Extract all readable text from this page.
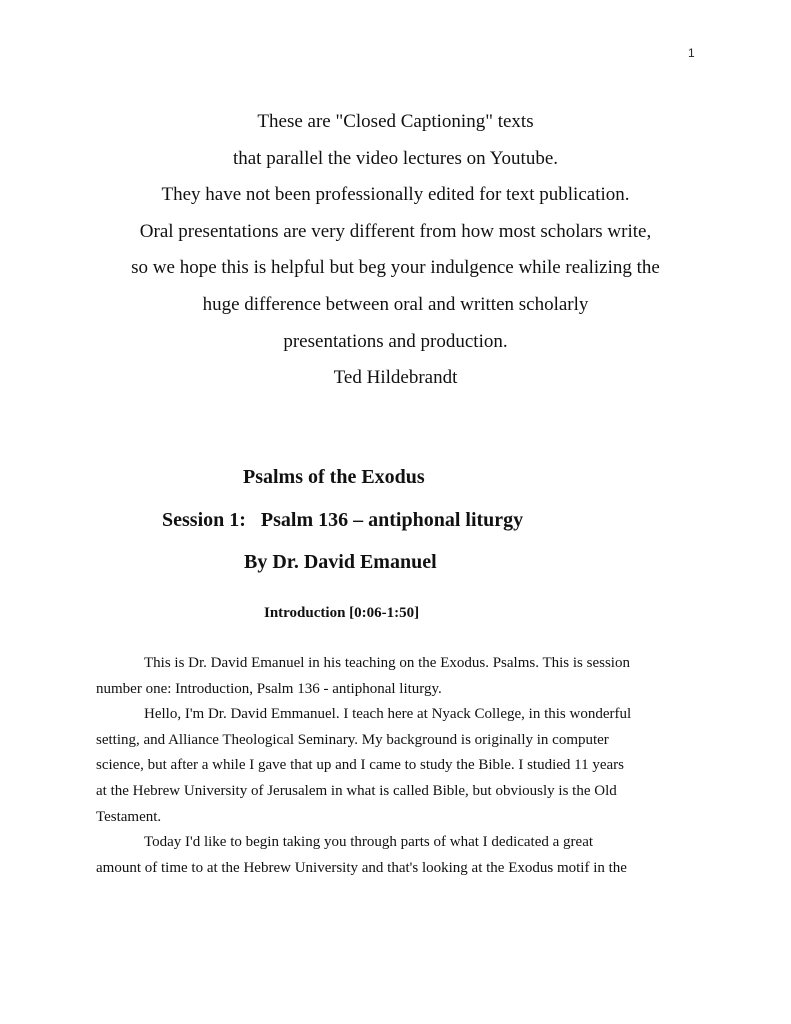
1
These are "Closed Captioning" texts
that parallel the video lectures on Youtube.
They have not been professionally edited for text publication.
Oral presentations are very different from how most scholars write,
so we hope this is helpful but beg your indulgence while realizing the
huge difference between oral and written scholarly
presentations and production.
Ted Hildebrandt
Psalms of the Exodus
Session 1:   Psalm 136 – antiphonal liturgy
By Dr. David Emanuel
Introduction [0:06-1:50]
This is Dr. David Emanuel in his teaching on the Exodus. Psalms. This is session
number one: Introduction, Psalm 136 - antiphonal liturgy.
Hello, I'm Dr. David Emmanuel. I teach here at Nyack College, in this wonderful
setting, and Alliance Theological Seminary. My background is originally in computer
science, but after a while I gave that up and I came to study the Bible. I studied 11 years
at the Hebrew University of Jerusalem in what is called Bible, but obviously is the Old
Testament.
Today I'd like to begin taking you through parts of what I dedicated a great
amount of time to at the Hebrew University and that's looking at the Exodus motif in the
